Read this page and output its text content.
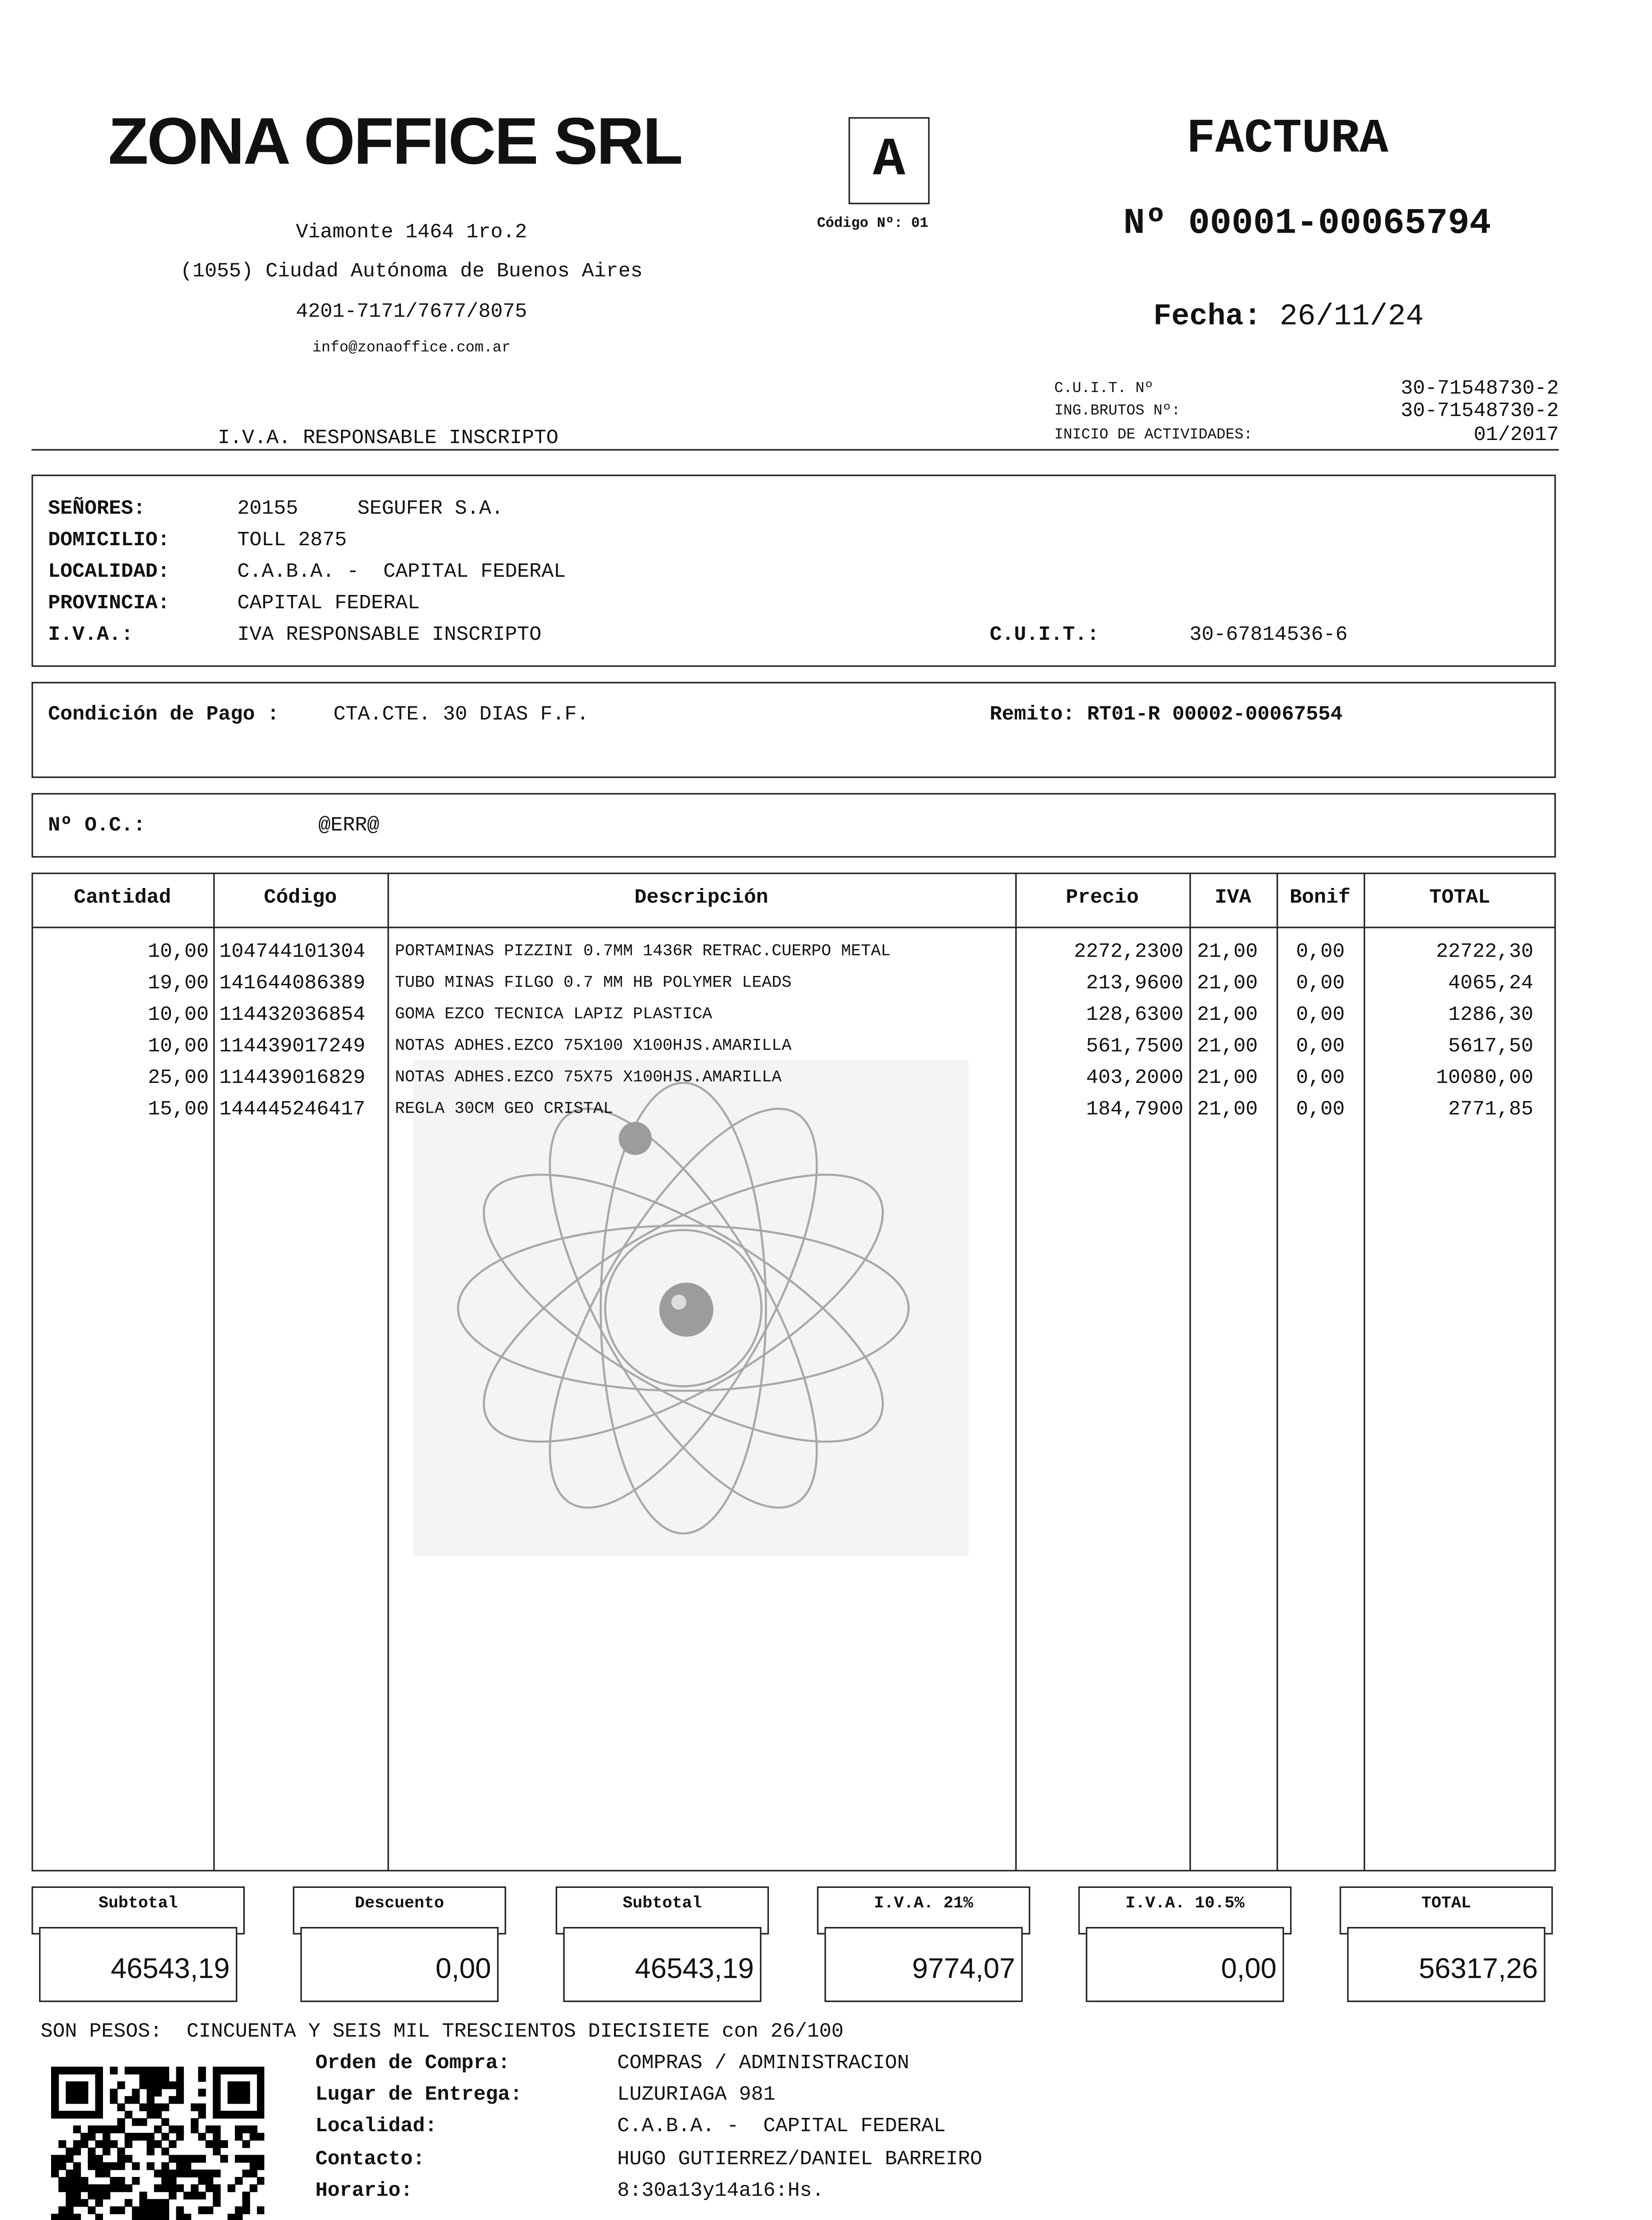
ZONA OFFICE SRL
Viamonte 1464 1ro.2
(1055) Ciudad Autónoma de Buenos Aires
4201-7171/7677/8075
info@zonaoffice.com.ar
I.V.A. RESPONSABLE INSCRIPTO
A
Código Nº: 01
FACTURA
Nº 00001-00065794
Fecha: 26/11/24
C.U.I.T. Nº	30-71548730-2
ING.BRUTOS Nº:	30-71548730-2
INICIO DE ACTIVIDADES:	01/2017
SEÑORES:	20155	SEGUFER S.A.
DOMICILIO:	TOLL 2875
LOCALIDAD:	C.A.B.A. -  CAPITAL FEDERAL
PROVINCIA:	CAPITAL FEDERAL
I.V.A.:	IVA RESPONSABLE INSCRIPTO	C.U.I.T.:	30-67814536-6
Condición de Pago :	CTA.CTE. 30 DIAS F.F.	Remito: RT01-R 00002-00067554
Nº O.C.:	@ERR@
Cantidad	Código	Descripción	Precio	IVA	Bonif	TOTAL
10,00 104744101304	PORTAMINAS PIZZINI 0.7MM 1436R RETRAC.CUERPO METAL	2272,2300 21,00	0,00	22722,30
19,00 141644086389	TUBO MINAS FILGO 0.7 MM HB POLYMER LEADS	213,9600 21,00	0,00	4065,24
10,00 114432036854	GOMA EZCO TECNICA LAPIZ PLASTICA	128,6300 21,00	0,00	1286,30
10,00 114439017249	NOTAS ADHES.EZCO 75X100 X100HJS.AMARILLA	561,7500 21,00	0,00	5617,50
25,00 114439016829	NOTAS ADHES.EZCO 75X75 X100HJS.AMARILLA	403,2000 21,00	0,00	10080,00
15,00 144445246417	REGLA 30CM GEO CRISTAL	184,7900 21,00	0,00	2771,85
Subtotal
46543,19
Descuento
0,00
Subtotal
46543,19
I.V.A. 21%
9774,07
I.V.A. 10.5%
0,00
TOTAL
56317,26
SON PESOS:	CINCUENTA Y SEIS MIL TRESCIENTOS DIECISIETE con 26/100
Orden de Compra:	COMPRAS / ADMINISTRACION
Lugar de Entrega:	LUZURIAGA 981
Localidad:	C.A.B.A. -  CAPITAL FEDERAL
Contacto:	HUGO GUTIERREZ/DANIEL BARREIRO
Horario:	8:30a13y14a16:Hs.
